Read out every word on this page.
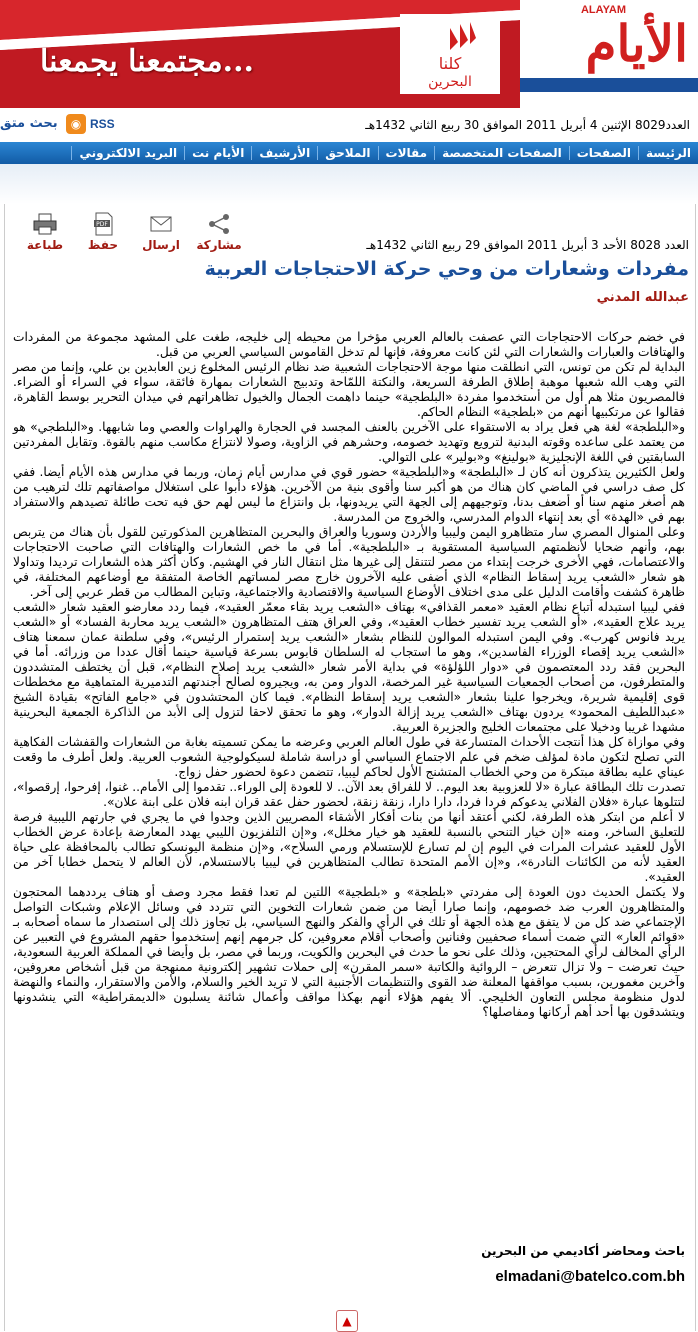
مجتمعنا يجمعنا...	كلنا
البحرين
ALAYAM
الأيام
بحث متق	◉ RSS	العدد8029 الإثنين 4 أبريل 2011 الموافق 30 ربيع الثاني 1432هـ
الرئيسة
الصفحات
الصفحات المتخصصة
مقالات
الملاحق
الأرشيف
الأيام نت
البريد الالكتروني
طباعة
PDF
حفظ	ارسال	مشاركة	العدد 8028 الأحد 3 أبريل 2011 الموافق 29 ربيع الثاني 1432هـ
مفردات وشعارات من وحي حركة الاحتجاجات العربية
عبدالله المدني

في خضم حركات الاحتجاجات التي عصفت بالعالم العربي مؤخرا من محيطه إلى خليجه، طغت على المشهد مجموعة من المفردات والهتافات والعبارات والشعارات التي لئن كانت معروفة، فإنها لم تدخل القاموس السياسي العربي من قبل.

البداية لم تكن من تونس، التي انطلقت منها موجة الاحتجاجات الشعبية ضد نظام الرئيس المخلوع زين العابدين بن علي، وإنما من مصر التي وهب الله شعبها موهبة إطلاق الطرفة السريعة، والنكتة اللمّاحة وتدبيج الشعارات بمهارة فائقة، سواء في السراء أو الضراء. فالمصريون مثلا هم أول من أستخدموا مفردة «البلطجية» حينما داهمت الجمال والخيول تظاهراتهم في ميدان التحرير بوسط القاهرة، فقالوا عن مرتكبيها أنهم من «بلطجية» النظام الحاكم.

و«البلطجة» لغة هي فعل يراد به الاستقواء على الآخرين بالعنف المجسد في الحجارة والهراوات والعصي وما شابهها. و«البلطجي» هو من يعتمد على ساعده وقوته البدنية لترويع وتهديد خصومه، وحشرهم في الزاوية، وصولا لانتزاع مكاسب منهم بالقوة. وتقابل المفردتين السابقتين في اللغة الإنجليزية «بولينغ» و«بولير» على التوالي.

ولعل الكثيرين يتذكرون أنه كان لـ «البلطجة» و«البلطجية» حضور قوي في مدارس أيام زمان، وربما في مدارس هذه الأيام أيضا. ففي كل صف دراسي في الماضي كان هناك من هو أكبر سنا وأقوى بنية من الآخرين. هؤلاء دأبوا على استغلال مواصفاتهم تلك لترهيب من هم أصغر منهم سنا أو أضعف بدنا، وتوجيههم إلى الجهة التي يريدونها، بل وانتزاع ما ليس لهم حق فيه تحت طائلة تصيدهم والاستفراد بهم في «الهدة» أي بعد إنتهاء الدوام المدرسي، والخروج من المدرسة.

وعلى المنوال المصري سار متظاهرو اليمن وليبيا والأردن وسوريا والعراق والبحرين المتظاهرين المذكورتين للقول بأن هناك من يتربص بهم، وأنهم ضحايا لأنظمتهم السياسية المستقوية بـ «البلطجية». أما في ما خص الشعارات والهتافات التي صاحبت الاحتجاجات والاعتصامات، فهي الأخرى خرجت إبتداء من مصر لتتنقل إلى غيرها مثل انتقال النار في الهشيم. وكان أكثر هذه الشعارات ترديدا وتداولا هو شعار «الشعب يريد إسقاط النظام» الذي أضفى عليه الآخرون خارج مصر لمساتهم الخاصة المتفقة مع أوضاعهم المختلفة، في ظاهرة كشفت وأقامت الدليل على مدى اختلاف الأوضاع السياسية والاقتصادية والاجتماعية، وتباين المطالب من قطر عربي إلى آخر.

ففي ليبيا استبدله أتباع نظام العقيد «معمر القذافي» بهتاف «الشعب يريد بقاء معمّر العقيد»، فيما ردد معارضو العقيد شعار «الشعب يريد علاج العقيد»، «أو الشعب يريد تفسير خطاب العقيد»، وفي العراق هتف المتظاهرون «الشعب يريد محاربة الفساد» أو «الشعب يريد فانوس كهرب». وفي اليمن استبدله الموالون للنظام بشعار «الشعب يريد إستمرار الرئيس»، وفي سلطنة عمان سمعنا هتاف «الشعب يريد إقصاء الوزراء الفاسدين»، وهو ما استجاب له السلطان قابوس بسرعة قياسية حينما أقال عددا من وزرائه. أما في البحرين فقد ردد المعتصمون في «دوار اللؤلؤة» في بداية الأمر شعار «الشعب يريد إصلاح النظام»، قبل أن يختطف المتشددون والمتطرفون، من أصحاب الجمعيات السياسية غير المرخصة، الدوار ومن به، ويجيروه لصالح أجندتهم التدميرية المتماهية مع مخططات قوى إقليمية شريرة، ويخرجوا علينا بشعار «الشعب يريد إسقاط النظام». فيما كان المحتشدون في «جامع الفاتح» بقيادة الشيخ «عبداللطيف المحمود» يردون بهتاف «الشعب يريد إزالة الدوار»، وهو ما تحقق لاحقا لتزول إلى الأبد من الذاكرة الجمعية البحرينية مشهدا غريبا ودخيلا على مجتمعات الخليج والجزيرة العربية.

وفي موازاة كل هذا أنتجت الأحداث المتسارعة في طول العالم العربي وعرضه ما يمكن تسميته بغابة من الشعارات والقفشات الفكاهية التي تصلح لتكون مادة لمؤلف ضخم في علم الاجتماع السياسي أو دراسة شاملة لسيكولوجية الشعوب العربية. ولعل أطرف ما وقعت عيناي عليه بطاقة مبتكرة من وحي الخطاب المتشنج الأول لحاكم ليبيا، تتضمن دعوة لحضور حفل زواج.

تصدرت تلك البطاقة عبارة «لا للعزوبية بعد اليوم.. لا للفراق بعد الآن.. لا للعودة إلى الوراء.. تقدموا إلى الأمام.. غنوا، إفرحوا، إرقصوا»، لتتلوها عبارة «فلان الفلاني يدعوكم فردا فردا، دارا دارا، زنقة زنقة، لحضور حفل عقد قران ابنه فلان على ابنة علان».

لا أعلم من ابتكر هذه الطرفة، لكني أعتقد أنها من بنات أفكار الأشقاء المصريين الذين وجدوا في ما يجري في جارتهم الليبية فرصة للتعليق الساخر، ومنه «إن خيار التنحي بالنسبة للعقيد هو خيار مخلل»، و«إن التلفزيون الليبي يهدد المعارضة بإعادة عرض الخطاب الأول للعقيد عشرات المرات في اليوم إن لم تسارع للإستسلام ورمي السلاح»، و«إن منظمة اليونسكو تطالب بالمحافظة على حياة العقيد لأنه من الكائنات النادرة»، و«إن الأمم المتحدة تطالب المتظاهرين في ليبيا بالاستسلام، لأن العالم لا يتحمل خطابا آخر من العقيد».

ولا يكتمل الحديث دون العودة إلى مفردتي «بلطجة» و «بلطجية» اللتين لم تعدا فقط مجرد وصف أو هتاف يرددهما المحتجون والمتظاهرون العرب ضد خصومهم، وإنما صارا أيضا من ضمن شعارات التخوين التي تتردد في وسائل الإعلام وشبكات التواصل الإجتماعي ضد كل من لا يتفق مع هذه الجهة أو تلك في الرأي والفكر والنهج السياسي، بل تجاوز ذلك إلى استصدار ما سماه أصحابه بـ «قوائم العار» التي ضمت أسماء صحفيين وفنانين وأصحاب أقلام معروفين، كل جرمهم إنهم إستخدموا حقهم المشروع في التعبير عن الرأي المخالف لرأي المحتجين، وذلك على نحو ما حدث في البحرين والكويت، وربما في مصر، بل وأيضا في المملكة العربية السعودية، حيث تعرضت – ولا تزال تتعرض – الروائية والكاتبة «سمر المقرن» إلى حملات تشهير إلكترونية ممنهجة من قبل أشخاص معروفين، وآخرين مغمورين، بسبب مواقفها المعلنة ضد القوى والتنظيمات الأجنبية التي لا تريد الخير والسلام، والأمن والاستقرار، والنماء والنهضة لدول منظومة مجلس التعاون الخليجي. ألا يفهم هؤلاء أنهم بهكذا مواقف وأعمال شائنة يسلبون «الديمقراطية» التي ينشدونها ويتشدقون بها أحد أهم أركانها ومفاصلها؟

باحث ومحاضر أكاديمي من البحرين
elmadani@batelco.com.bh
▲
